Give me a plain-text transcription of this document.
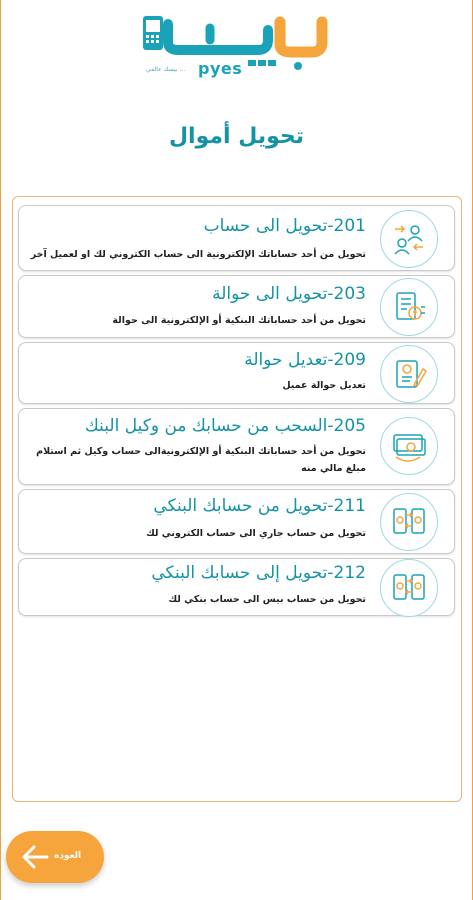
pyes
بيسك عالمي ...
تحويل أموال
201-تحويل الى حساب
تحويل من أحد حساباتك الإلكترونية الى حساب الكتروني لك او لعميل آخر
203-تحويل الى حوالة
تحويل من أحد حساباتك البنكية أو الإلكترونية الى حوالة
209-تعديل حوالة
تعديل حوالة عميل
205-السحب من حسابك من وكيل البنك
تحويل من أحد حساباتك البنكية أو الإلكترونيةالى حساب وكيل ثم استلام مبلغ مالي منه
211-تحويل من حسابك البنكي
تحويل من حساب جاري الى حساب الكتروني لك
212-تحويل إلى حسابك البنكي
تحويل من حساب بيس الى حساب بنكي لك
العوده
